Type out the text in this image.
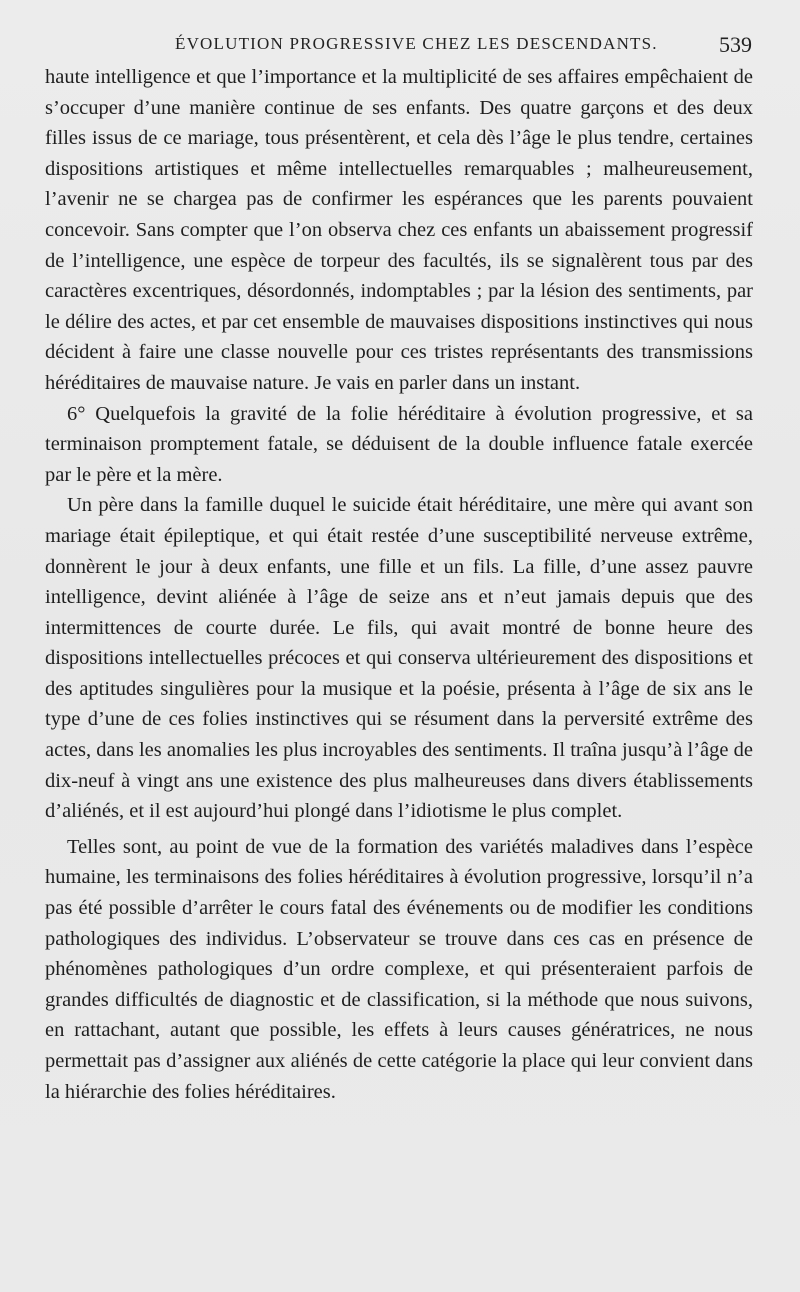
ÉVOLUTION PROGRESSIVE CHEZ LES DESCENDANTS.	539

haute intelligence et que l’importance et la multiplicité de ses affaires empêchaient de s’occuper d’une manière continue de ses enfants. Des quatre garçons et des deux filles issus de ce mariage, tous présentèrent, et cela dès l’âge le plus tendre, certaines dispositions artistiques et même intellectuelles remarquables ; malheureusement, l’avenir ne se chargea pas de confirmer les espérances que les parents pouvaient concevoir. Sans compter que l’on observa chez ces enfants un abaissement progressif de l’intelligence, une espèce de torpeur des facultés, ils se signalèrent tous par des caractères excentriques, désordonnés, indomptables ; par la lésion des sentiments, par le délire des actes, et par cet ensemble de mauvaises dispositions instinctives qui nous décident à faire une classe nouvelle pour ces tristes représentants des transmissions héréditaires de mauvaise nature. Je vais en parler dans un instant.

6° Quelquefois la gravité de la folie héréditaire à évolution progressive, et sa terminaison promptement fatale, se déduisent de la double influence fatale exercée par le père et la mère.

Un père dans la famille duquel le suicide était héréditaire, une mère qui avant son mariage était épileptique, et qui était restée d’une susceptibilité nerveuse extrême, donnèrent le jour à deux enfants, une fille et un fils. La fille, d’une assez pauvre intelligence, devint aliénée à l’âge de seize ans et n’eut jamais depuis que des intermittences de courte durée. Le fils, qui avait montré de bonne heure des dispositions intellectuelles précoces et qui conserva ultérieurement des dispositions et des aptitudes singulières pour la musique et la poésie, présenta à l’âge de six ans le type d’une de ces folies instinctives qui se résument dans la perversité extrême des actes, dans les anomalies les plus incroyables des sentiments. Il traîna jusqu’à l’âge de dix-neuf à vingt ans une existence des plus malheureuses dans divers établissements d’aliénés, et il est aujourd’hui plongé dans l’idiotisme le plus complet.

Telles sont, au point de vue de la formation des variétés maladives dans l’espèce humaine, les terminaisons des folies héréditaires à évolution progressive, lorsqu’il n’a pas été possible d’arrêter le cours fatal des événements ou de modifier les conditions pathologiques des individus. L’observateur se trouve dans ces cas en présence de phénomènes pathologiques d’un ordre complexe, et qui présenteraient parfois de grandes difficultés de diagnostic et de classification, si la méthode que nous suivons, en rattachant, autant que possible, les effets à leurs causes génératrices, ne nous permettait pas d’assigner aux aliénés de cette catégorie la place qui leur convient dans la hiérarchie des folies héréditaires.
